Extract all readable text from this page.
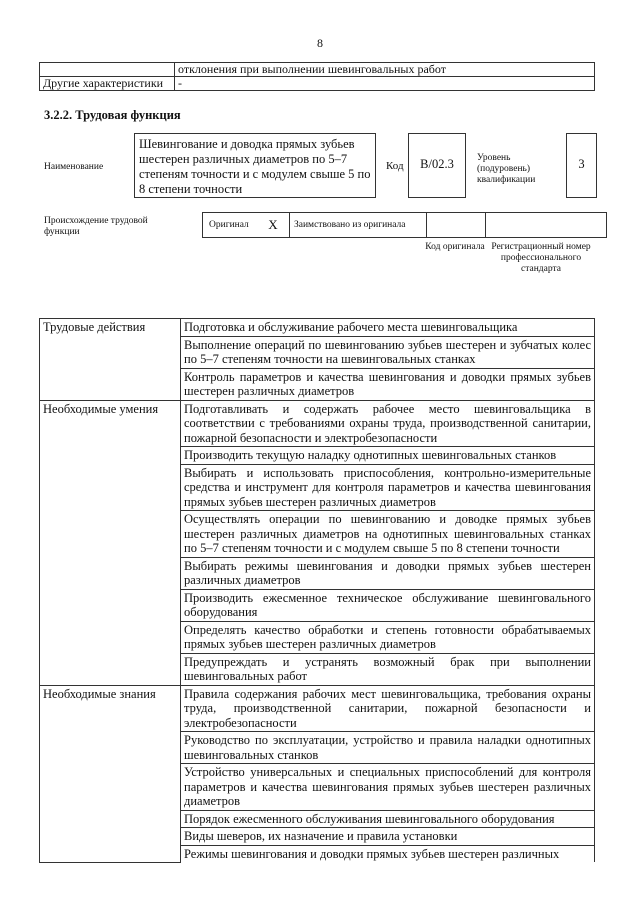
8
	отклонения при выполнении шевинговальных работ
Другие характеристики	-
3.2.2. Трудовая функция
Наименование
Шевингование и доводка прямых зубьев шестерен различных диаметров по 5–7 степеням точности и с модулем свыше 5 по 8 степени точности
Код	B/02.3	Уровень (подуровень) квалификации
3
Происхождение трудовой функции
Оригинал	X	Заимствовано из оригинала		
Код оригинала Регистрационный номер профессионального стандарта
Трудовые действия	Подготовка и обслуживание рабочего места шевинговальщика
	Выполнение операций по шевингованию зубьев шестерен и зубчатых колес по 5–7 степеням точности на шевинговальных станках
	Контроль параметров и качества шевингования и доводки прямых зубьев шестерен различных диаметров
Необходимые умения	Подготавливать и содержать рабочее место шевинговальщика в соответствии с требованиями охраны труда, производственной санитарии, пожарной безопасности и электробезопасности
	Производить текущую наладку однотипных шевинговальных станков
	Выбирать и использовать приспособления, контрольно-измерительные средства и инструмент для контроля параметров и качества шевингования прямых зубьев шестерен различных диаметров
	Осуществлять операции по шевингованию и доводке прямых зубьев шестерен различных диаметров на однотипных шевинговальных станках по 5–7 степеням точности и с модулем свыше 5 по 8 степени точности
	Выбирать режимы шевингования и доводки прямых зубьев шестерен различных диаметров
	Производить ежесменное техническое обслуживание шевинговального оборудования
	Определять качество обработки и степень готовности обрабатываемых прямых зубьев шестерен различных диаметров
	Предупреждать и устранять возможный брак при выполнении шевинговальных работ
Необходимые знания	Правила содержания рабочих мест шевинговальщика, требования охраны труда, производственной санитарии, пожарной безопасности и электробезопасности
	Руководство по эксплуатации, устройство и правила наладки однотипных шевинговальных станков
	Устройство универсальных и специальных приспособлений для контроля параметров и качества шевингования прямых зубьев шестерен различных диаметров
	Порядок ежесменного обслуживания шевинговального оборудования
	Виды шеверов, их назначение и правила установки
	Режимы шевингования и доводки прямых зубьев шестерен различных
